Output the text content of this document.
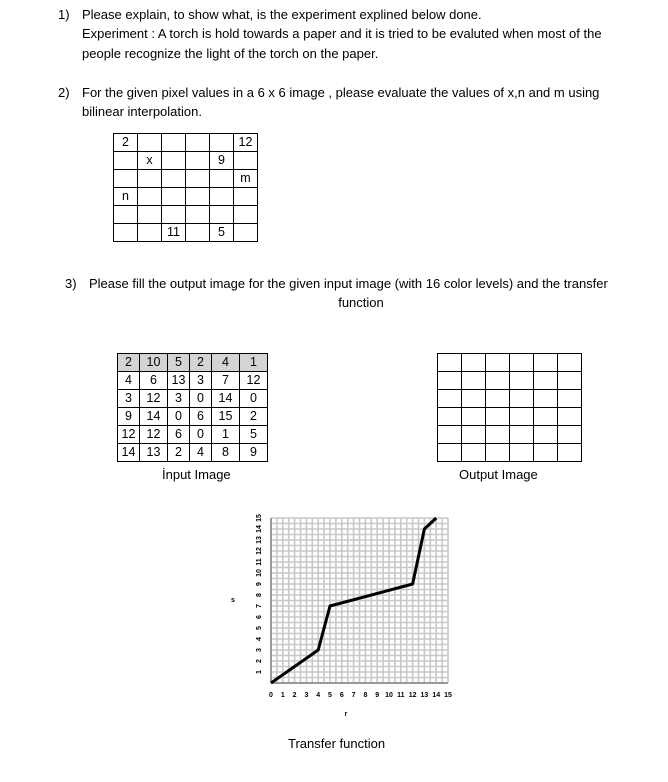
1) Please explain, to show what, is the experiment explined below done.
Experiment : A torch is hold towards a paper and it is tried to be evaluted when most of the
people recognize the light of the torch on the paper.
2) For the given pixel values in a 6 x 6 image , please evaluate the values of x,n and m using
bilinear interpolation.
2					12
	x			9	
					m
n					

		11		5	
3) Please fill the output image for the given input image (with 16 color levels) and the transfer
function
2	10	5	2	4	1
4	6	13	3	7	12
3	12	3	0	14	0
9	14	0	6	15	2
12	12	6	0	1	5
14	13	2	4	8	9
İnput Image

						Output Image
0 1 2 3 4 5 6 7 8 9 10 11 12 13 14 15
1
2
3
4
5
6
7
8
9
10
11
12
13
14
15
r
s
Transfer function
